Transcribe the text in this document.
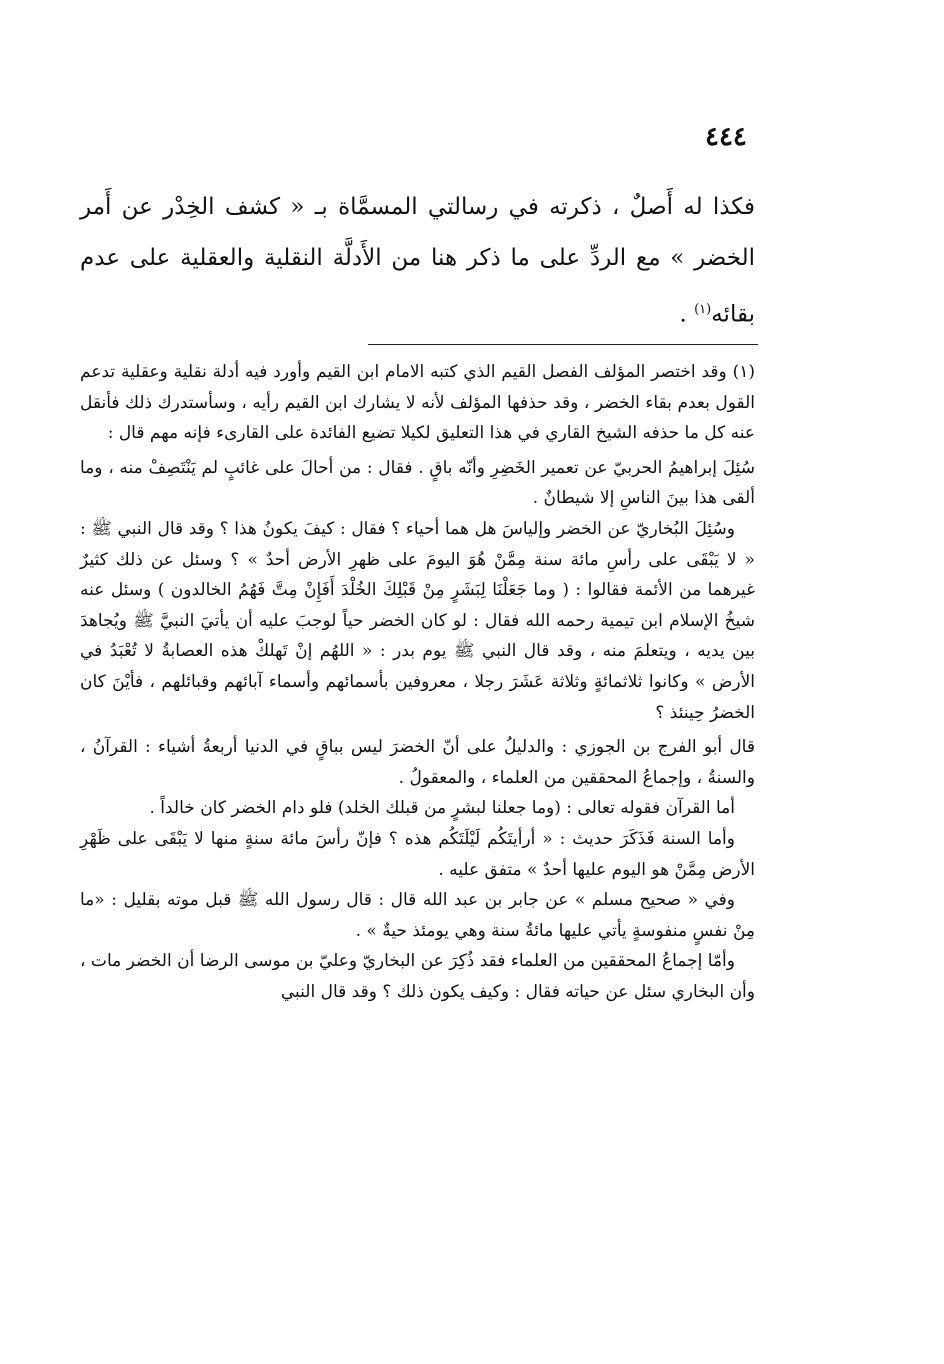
٤٤٤

فكذا له أَصلٌ ، ذكرته في رسالتي المسمَّاة بـ « كشف الخِدْر عن أَمر الخضر » مع الردِّ على ما ذكر هنا من الأَدلَّة النقلية والعقلية على عدم بقائه$^{(١)}$ .

(١) وقد اختصر المؤلف الفصل القيم الذي كتبه الامام ابن القيم وأورد فيه أدلة نقلية وعقلية تدعم القول بعدم بقاء الخضر ، وقد حذفها المؤلف لأنه لا يشارك ابن القيم رأيه ، وسأستدرك ذلك فأنقل عنه كل ما حذفه الشيخ القاري في هذا التعليق لكيلا تضيع الفائدة على القارىء فإنه مهم قال :

سُئِلَ إبراهيمُ الحربيّ عن تعمير الخَضِرِ وأنّه باقٍ . فقال : من أحالَ على غائبٍ لم يَنْتَصِفْ منه ، وما ألقى هذا بينَ الناسِ إلا شيطانٌ .

وسُئِلَ البُخاريّ عن الخضر وإلياسَ هل هما أحياء ؟ فقال : كيفَ يكونُ هذا ؟ وقد قال النبي ﷺ : « لا يَبْقَى على رأسِ مائة سنة مِمَّنْ هُوَ اليومَ على ظهرِ الأرض أحدٌ » ؟ وسئل عن ذلك كثيرٌ غيرهما من الأئمة فقالوا : ( وما جَعَلْنَا لِبَشَرٍ مِنْ قَبْلِكَ الخُلْدَ أَفَإِنْ مِتَّ فَهُمُ الخالدون ) وسئل عنه شيخُ الإسلام ابن تيمية رحمه الله فقال : لو كان الخضر حياً لوجبَ عليه أن يأتيَ النبيَّ ﷺ ويُجاهدَ بين يديه ، ويتعلمَ منه ، وقد قال النبي ﷺ يوم بدر : « اللهُم إنْ تَهلكْ هذه العصابةُ لا تُعْبَدُ في الأرض » وكانوا ثلاثمائةٍ وثلاثة عَشَرَ رجلا ، معروفين بأسمائهم وأسماء آبائهم وقبائلهم ، فأيْنَ كان الخضرُ حِينئذ ؟

قال أبو الفرج بن الجوزي : والدليلُ على أنّ الخضرَ ليس بباقٍ في الدنيا أربعةُ أشياء : القرآنُ ، والسنةُ ، وإجماعُ المحققين من العلماء ، والمعقولُ .

أما القرآن فقوله تعالى : (وما جعلنا لبشرٍ من قبلك الخلد) فلو دام الخضر كان خالداً .

وأما السنة فَذَكَرَ حديث : « أرأيتَكُم لَيْلَتَكُم هذه ؟ فإنّ رأسَ مائة سنةٍ منها لا يَبْقَى على ظَهْرِ الأرض مِمَّنْ هو اليوم عليها أحدٌ » متفق عليه .

وفي « صحيح مسلم » عن جابر بن عبد الله قال : قال رسول الله ﷺ قبل موته بقليل : «ما مِنْ نفسٍ منفوسةٍ يأتي عليها مائةُ سنة وهي يومئذ حيةٌ » .

وأمّا إجماعُ المحققين من العلماء فقد ذُكِرَ عن البخاريّ وعليّ بن موسى الرضا أن الخضر مات ، وأن البخاري سئل عن حياته فقال : وكيف يكون ذلك ؟ وقد قال النبي
